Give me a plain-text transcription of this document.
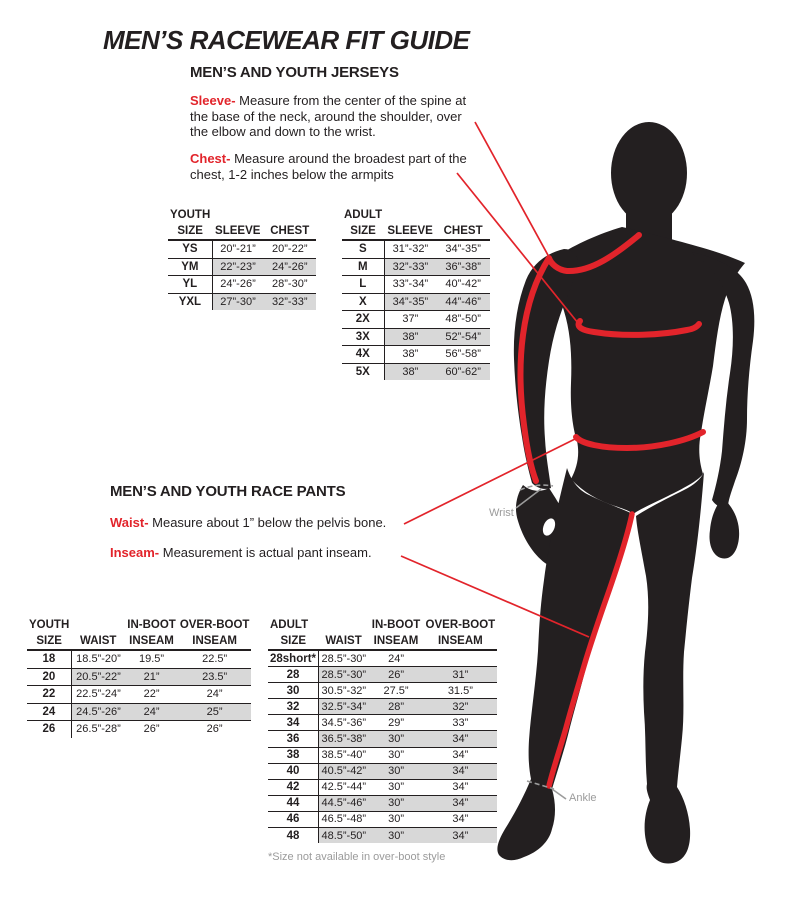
MEN’S RACEWEAR FIT GUIDE
MEN’S AND YOUTH JERSEYS

Sleeve- Measure from the center of the spine at the base of the neck, around the shoulder, over the elbow and down to the wrist.

Chest- Measure around the broadest part of the chest, 1-2 inches below the armpits

YOUTH		
SIZE	SLEEVE	CHEST
YS	20”-21”	20”-22”
YM	22”-23”	24”-26”
YL	24”-26”	28”-30”
YXL	27”-30”	32”-33”
ADULT		
SIZE	SLEEVE	CHEST
S	31”-32”	34”-35”
M	32”-33”	36”-38”
L	33”-34”	40”-42”
X	34”-35”	44”-46”
2X	37”	48”-50”
3X	38”	52”-54”
4X	38”	56”-58”
5X	38”	60”-62”
MEN’S AND YOUTH RACE PANTS

Waist- Measure about 1” below the pelvis bone.

Inseam- Measurement is actual pant inseam.

YOUTH		IN-BOOT	OVER-BOOT
SIZE	WAIST	INSEAM	INSEAM
18	18.5”-20”	19.5”	22.5”
20	20.5”-22”	21”	23.5”
22	22.5”-24”	22”	24”
24	24.5”-26”	24”	25”
26	26.5”-28”	26”	26”
ADULT		IN-BOOT	OVER-BOOT
SIZE	WAIST	INSEAM	INSEAM
28short*	28.5”-30”	24”	
28	28.5”-30”	26”	31”
30	30.5”-32”	27.5”	31.5”
32	32.5”-34”	28”	32”
34	34.5”-36”	29”	33”
36	36.5”-38”	30”	34”
38	38.5”-40”	30”	34”
40	40.5”-42”	30”	34”
42	42.5”-44”	30”	34”
44	44.5”-46”	30”	34”
46	46.5”-48”	30”	34”
48	48.5”-50”	30”	34”

*Size not available in over-boot style

Wrist
Ankle
